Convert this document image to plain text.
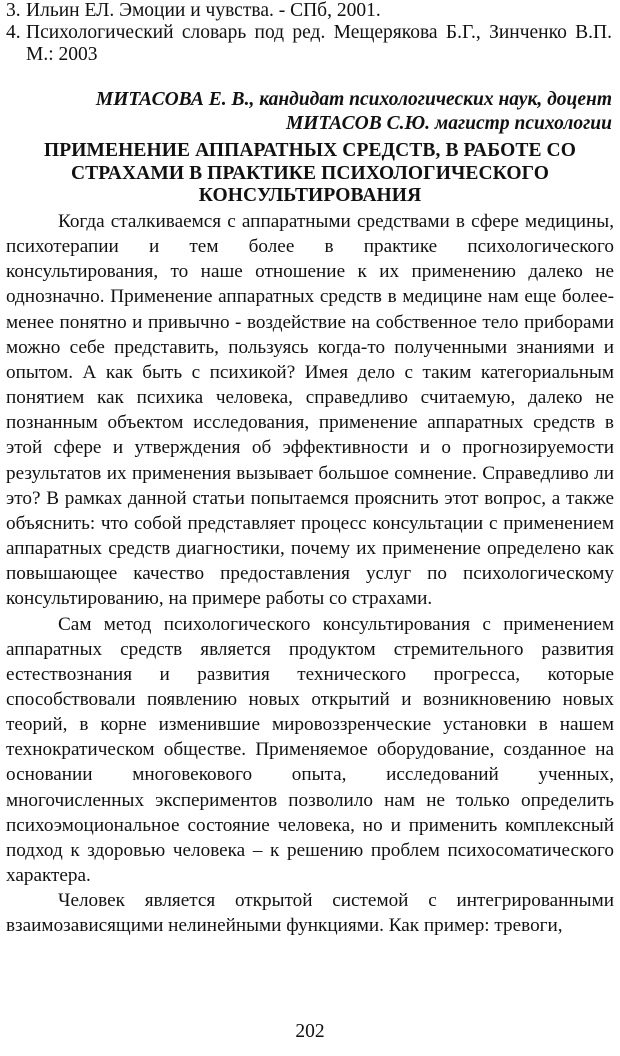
3. Ильин ЕЛ. Эмоции и чувства. - СПб, 2001.
4. Психологический словарь под ред. Мещерякова Б.Г., Зинченко В.П. М.: 2003
МИТАСОВА Е. В., кандидат психологических наук, доцент
МИТАСОВ С.Ю. магистр психологии
ПРИМЕНЕНИЕ АППАРАТНЫХ СРЕДСТВ, В РАБОТЕ СО СТРАХАМИ В ПРАКТИКЕ ПСИХОЛОГИЧЕСКОГО КОНСУЛЬТИРОВАНИЯ

Когда сталкиваемся с аппаратными средствами в сфере медицины, психотерапии и тем более в практике психологического консультирования, то наше отношение к их применению далеко не однозначно. Применение аппаратных средств в медицине нам еще более-менее понятно и привычно - воздействие на собственное тело приборами можно себе представить, пользуясь когда-то полученными знаниями и опытом. А как быть с психикой? Имея дело с таким категориальным понятием как психика человека, справедливо считаемую, далеко не познанным объектом исследования, применение аппаратных средств в этой сфере и утверждения об эффективности и о прогнозируемости результатов их применения вызывает большое сомнение. Справедливо ли это? В рамках данной статьи попытаемся прояснить этот вопрос, а также объяснить: что собой представляет процесс консультации с применением аппаратных средств диагностики, почему их применение определено как повышающее качество предоставления услуг по психологическому консультированию, на примере работы со страхами.

Сам метод психологического консультирования с применением аппаратных средств является продуктом стремительного развития естествознания и развития технического прогресса, которые способствовали появлению новых открытий и возникновению новых теорий, в корне изменившие мировоззренческие установки в нашем технократическом обществе. Применяемое оборудование, созданное на основании многовекового опыта, исследований ученных, многочисленных экспериментов позволило нам не только определить психоэмоциональное состояние человека, но и применить комплексный подход к здоровью человека – к решению проблем психосоматического характера.

Человек является открытой системой с интегрированными взаимозависящими нелинейными функциями. Как пример: тревоги,

202
